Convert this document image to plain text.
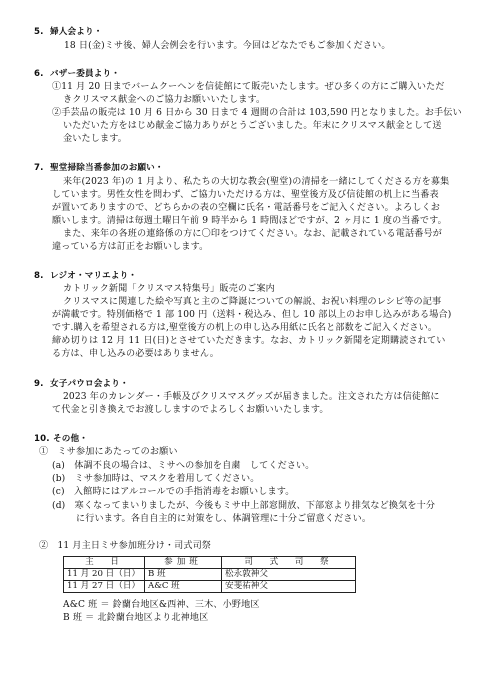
5. 婦人会より・
18 日(金)ミサ後、婦人会例会を行います。今回はどなたでもご参加ください。
6. バザー委員より・
①11 月 20 日までバームクーヘンを信徒館にて販売いたします。ぜひ多くの方にご購入いただ
きクリスマス献金へのご協力お願いいたします。
②手芸品の販売は 10 月 6 日から 30 日まで 4 週間の合計は 103,590 円となりました。お手伝い
いただいた方をはじめ献金ご協力ありがとうございました。年末にクリスマス献金として送
金いたします。
7. 聖堂掃除当番参加のお願い・
来年(2023 年)の 1 月より、私たちの大切な教会(聖堂)の清掃を一緒にしてくださる方を募集
しています。男性女性を問わず、ご協力いただける方は、聖堂後方及び信徒館の机上に当番表
が置いてありますので、どちらかの表の空欄に氏名・電話番号をご記入ください。よろしくお
願いします。清掃は毎週土曜日午前 9 時半から 1 時間ほどですが、2 ヶ月に 1 度の当番です。
また、来年の各班の連絡係の方に〇印をつけてください。なお、記載されている電話番号が
違っている方は訂正をお願いします。
8. レジオ・マリエより・
カトリック新聞「クリスマス特集号」販売のご案内
クリスマスに関連した絵や写真と主のご降誕についての解説、お祝い料理のレシピ等の記事
が満載です。特別価格で 1 部 100 円（送料・税込み、但し 10 部以上のお申し込みがある場合)
です.購入を希望される方は,聖堂後方の机上の申し込み用紙に氏名と部数をご記入ください。
締め切りは 12 月 11 日(日)とさせていただきます。なお、カトリック新聞を定期購読されてい
る方は、申し込みの必要はありません。
9. 女子パウロ会より・
2023 年のカレンダー・手帳及びクリスマスグッズが届きました。注文された方は信徒館に
て代金と引き換えでお渡ししますのでよろしくお願いいたします。
10. その他・
①　ミサ参加にあたってのお願い
(a)　体調不良の場合は、ミサへの参加を自粛　してください。
(b)　ミサ参加時は、マスクを着用してください。
(c)　入館時にはアルコールでの手指消毒をお願いします。
(d)　寒くなってまいりましたが、今後もミサ中上部窓開放、下部窓より排気など換気を十分
に行います。各自自主的に対策をし、体調管理に十分ご留意ください。
②　11 月主日ミサ参加班分け・司式司祭
主　日	参加班	司　式　司　祭
11 月 20 日（日）	B 班	松永敦神父
11 月 27 日（日）	A&C 班	安斐祐神父
A&C 班 ＝ 鈴蘭台地区&西神、三木、小野地区
B 班 ＝ 北鈴蘭台地区より北神地区
